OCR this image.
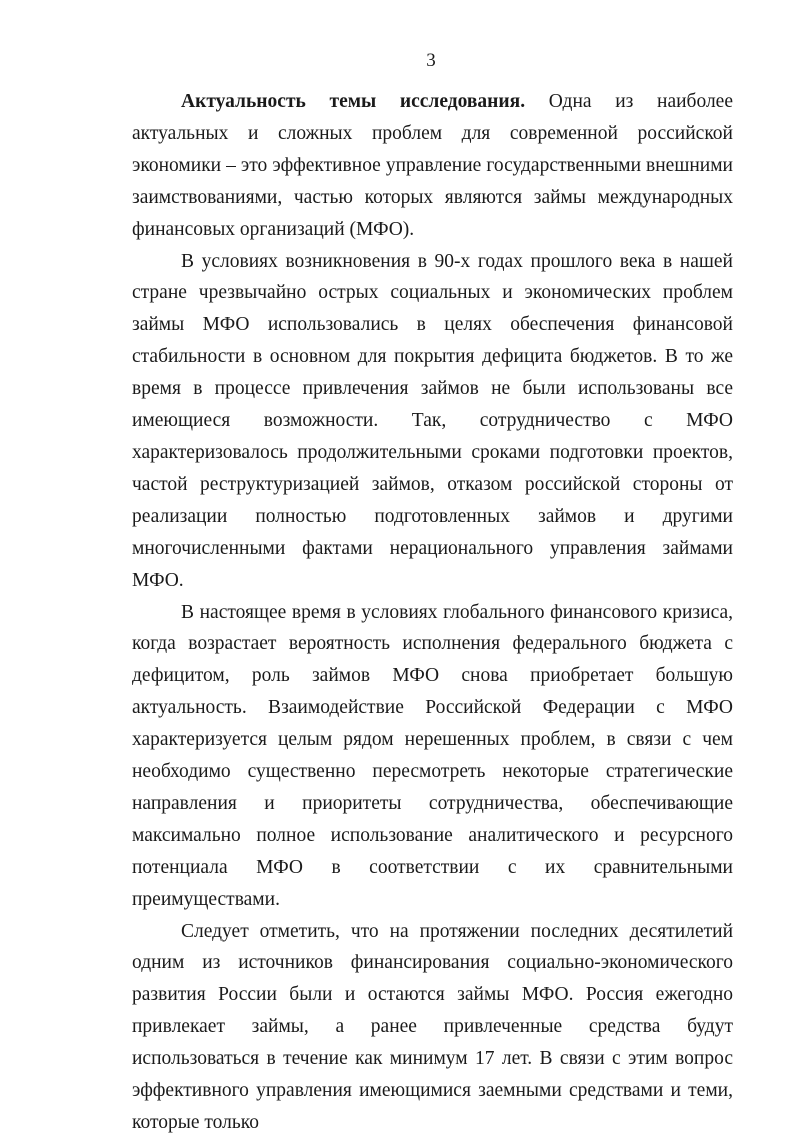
3

Актуальность темы исследования. Одна из наиболее актуальных и сложных проблем для современной российской экономики – это эффективное управление государственными внешними заимствованиями, частью которых являются займы международных финансовых организаций (МФО).

В условиях возникновения в 90-х годах прошлого века в нашей стране чрезвычайно острых социальных и экономических проблем займы МФО использовались в целях обеспечения финансовой стабильности в основном для покрытия дефицита бюджетов. В то же время в процессе привлечения займов не были использованы все имеющиеся возможности. Так, сотрудничество с МФО характеризовалось продолжительными сроками подготовки проектов, частой реструктуризацией займов, отказом российской стороны от реализации полностью подготовленных займов и другими многочисленными фактами нерационального управления займами МФО.

В настоящее время в условиях глобального финансового кризиса, когда возрастает вероятность исполнения федерального бюджета с дефицитом, роль займов МФО снова приобретает большую актуальность. Взаимодействие Российской Федерации с МФО характеризуется целым рядом нерешенных проблем, в связи с чем необходимо существенно пересмотреть некоторые стратегические направления и приоритеты сотрудничества, обеспечивающие максимально полное использование аналитического и ресурсного потенциала МФО в соответствии с их сравнительными преимуществами.

Следует отметить, что на протяжении последних десятилетий одним из источников финансирования социально-экономического развития России были и остаются займы МФО. Россия ежегодно привлекает займы, а ранее привлеченные средства будут использоваться в течение как минимум 17 лет. В связи с этим вопрос эффективного управления имеющимися заемными средствами и теми, которые только
